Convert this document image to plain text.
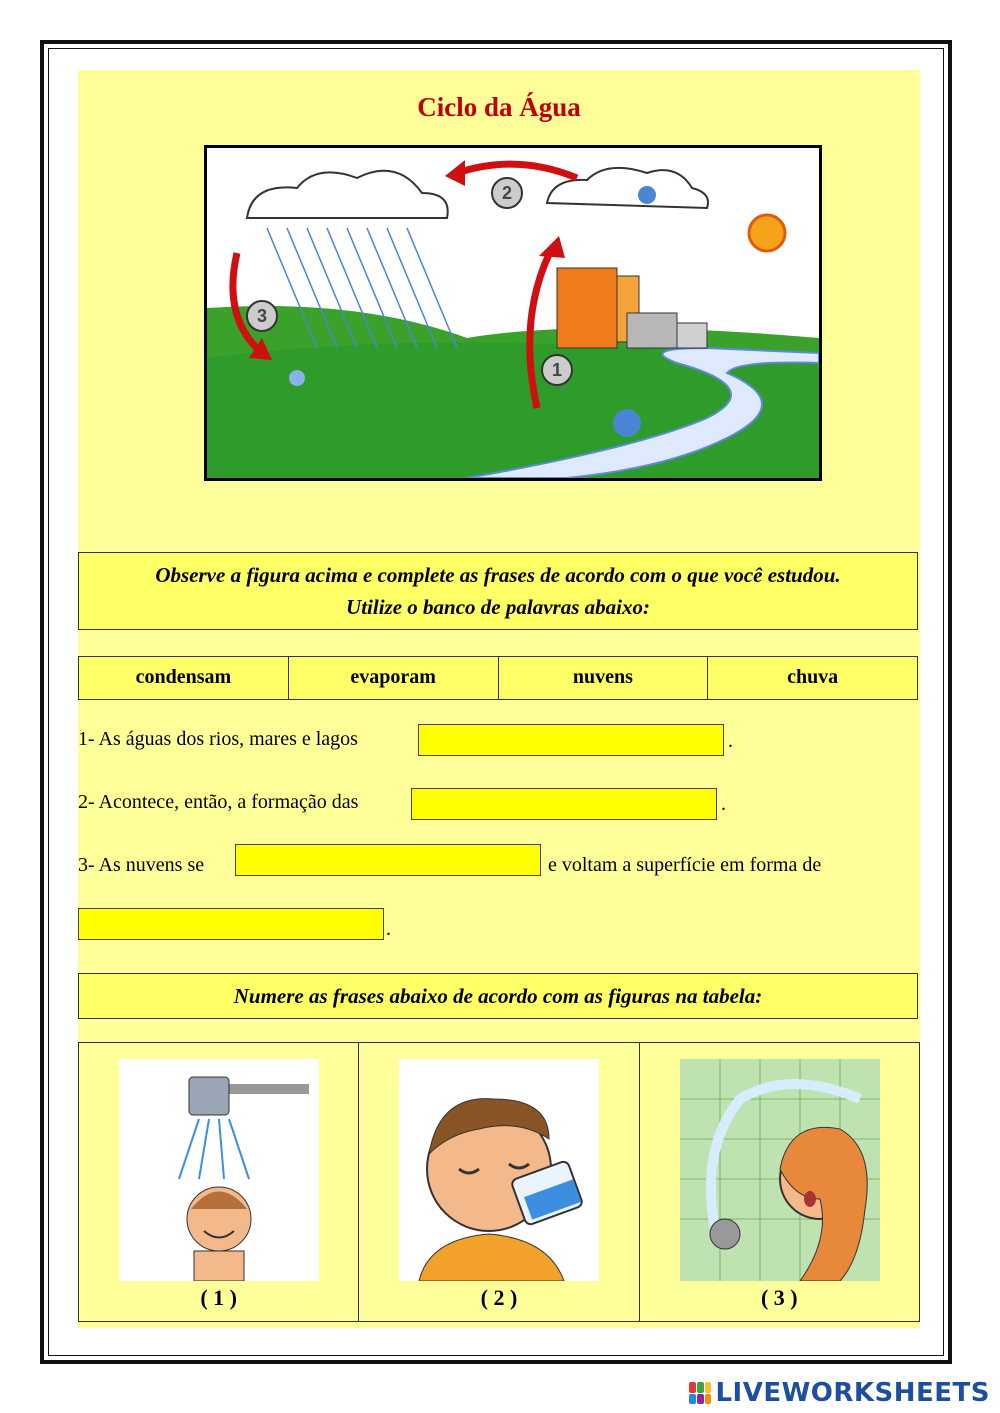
Ciclo da Água
2
3
1
Observe a figura acima e complete as frases de acordo com o que você estudou.
Utilize o banco de palavras abaixo:
condensam	evaporam	nuvens	chuva
1- As águas dos rios, mares e lagos	.
2- Acontece, então, a formação das	.
3- As nuvens se	e voltam a superfície em forma de
.
Numere as frases abaixo de acordo com as figuras na tabela:
( 1 )	( 2 )	( 3 )
LIVEWORKSHEETS
